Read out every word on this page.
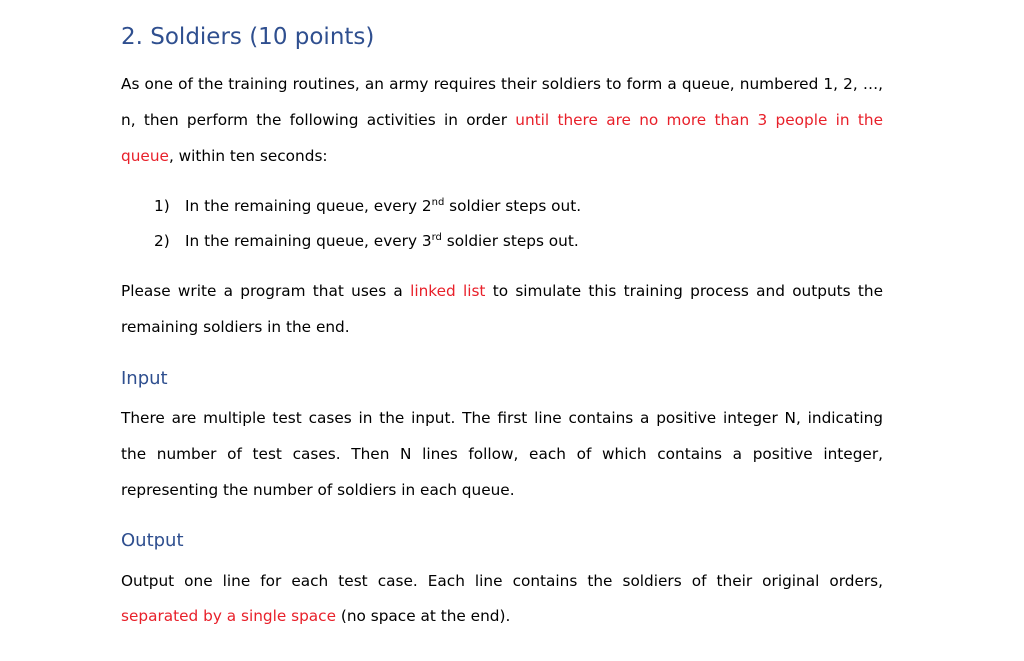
2. Soldiers (10 points)
As one of the training routines, an army requires their soldiers to form a queue, numbered 1, 2, …,
n, then perform the following activities in order until there are no more than 3 people in the
queue, within ten seconds:
1) In the remaining queue, every 2nd soldier steps out.
2) In the remaining queue, every 3rd soldier steps out.
Please write a program that uses a linked list to simulate this training process and outputs the
remaining soldiers in the end.
Input
There are multiple test cases in the input. The first line contains a positive integer N, indicating
the number of test cases. Then N lines follow, each of which contains a positive integer,
representing the number of soldiers in each queue.
Output
Output one line for each test case. Each line contains the soldiers of their original orders,
separated by a single space (no space at the end).
